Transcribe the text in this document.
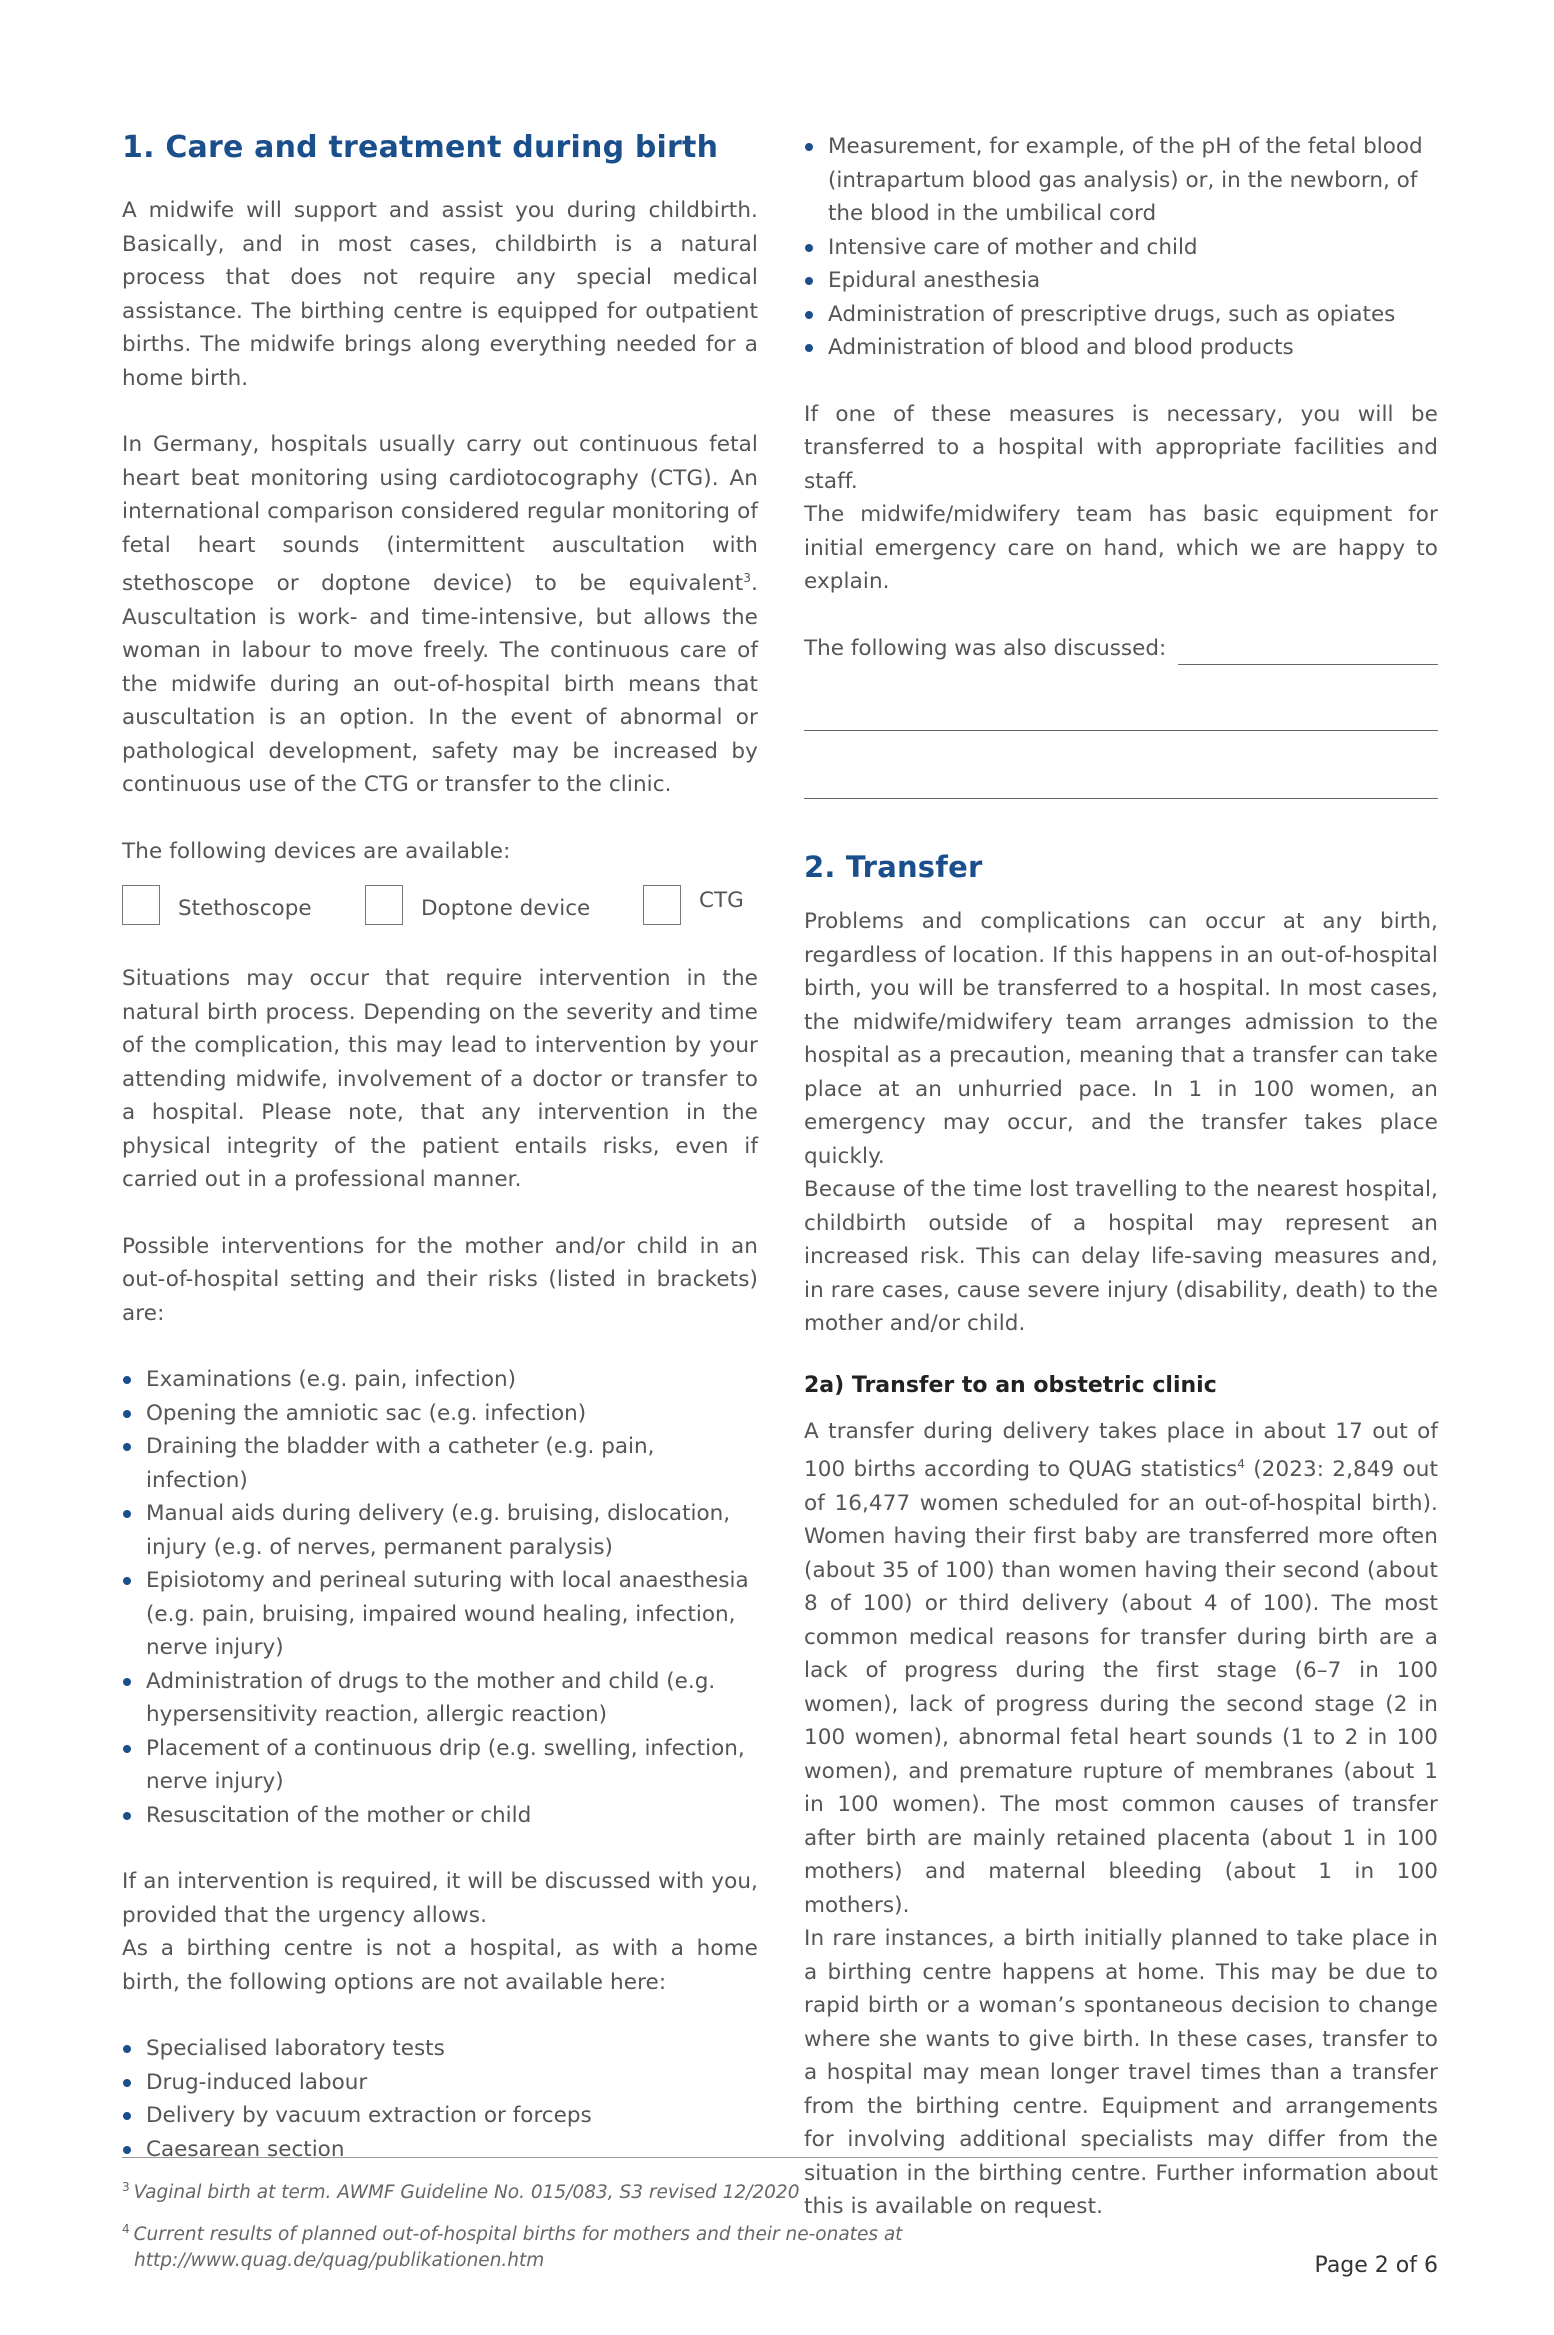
1. Care and treatment during birth

A midwife will support and assist you during childbirth. Basically, and in most cases, childbirth is a natural process that does not require any special medical assistance. The birthing centre is equipped for outpatient births. The midwife brings along everything needed for a home birth.

In Germany, hospitals usually carry out continuous fetal heart beat monitoring using cardiotocography (CTG). An international comparison considered regular monitoring of fetal heart sounds (intermittent auscultation with stethoscope or doptone device) to be equivalent$^3$. Auscultation is work- and time-intensive, but allows the woman in labour to move freely. The continuous care of the midwife during an out-of-hospital birth means that auscultation is an option. In the event of abnormal or pathological development, safety may be increased by continuous use of the CTG or transfer to the clinic.

The following devices are available:

Stethoscope	Doptone device	CTG

Situations may occur that require intervention in the natural birth process. Depending on the severity and time of the complication, this may lead to intervention by your attending midwife, involvement of a doctor or transfer to a hospital. Please note, that any intervention in the physical integrity of the patient entails risks, even if carried out in a professional manner.

Possible interventions for the mother and/or child in an out-of-hospital setting and their risks (listed in brackets) are:

Examinations (e.g. pain, infection)
Opening the amniotic sac (e.g. infection)
Draining the bladder with a catheter (e.g. pain, infection)
Manual aids during delivery (e.g. bruising, dislocation, injury (e.g. of nerves, permanent paralysis)
Episiotomy and perineal suturing with local anaesthesia (e.g. pain, bruising, impaired wound healing, infection, nerve injury)
Administration of drugs to the mother and child (e.g. hypersensitivity reaction, allergic reaction)
Placement of a continuous drip (e.g. swelling, infection, nerve injury)
Resuscitation of the mother or child

If an intervention is required, it will be discussed with you, provided that the urgency allows.

As a birthing centre is not a hospital, as with a home birth, the following options are not available here:

Specialised laboratory tests
Drug-induced labour
Delivery by vacuum extraction or forceps
Caesarean section
Measurement, for example, of the pH of the fetal blood (intrapartum blood gas analysis) or, in the newborn, of the blood in the umbilical cord
Intensive care of mother and child
Epidural anesthesia
Administration of prescriptive drugs, such as opiates
Administration of blood and blood products

If one of these measures is necessary, you will be transferred to a hospital with appropriate facilities and staff.

The midwife/midwifery team has basic equipment for initial emergency care on hand, which we are happy to explain.

The following was also discussed:
2. Transfer

Problems and complications can occur at any birth, regardless of location. If this happens in an out-of-hospital birth, you will be transferred to a hospital. In most cases, the midwife/midwifery team arranges admission to the hospital as a precaution, meaning that a transfer can take place at an unhurried pace. In 1 in 100 women, an emergency may occur, and the transfer takes place quickly.

Because of the time lost travelling to the nearest hospital, childbirth outside of a hospital may represent an increased risk. This can delay life-saving measures and, in rare cases, cause severe injury (disability, death) to the mother and/or child.

2a) Transfer to an obstetric clinic

A transfer during delivery takes place in about 17 out of 100 births according to QUAG statistics$^4$ (2023: 2,849 out of 16,477 women scheduled for an out-of-hospital birth). Women having their first baby are transferred more often (about 35 of 100) than women having their second (about 8 of 100) or third delivery (about 4 of 100). The most common medical reasons for transfer during birth are a lack of progress during the first stage (6–7 in 100 women), lack of progress during the second stage (2 in 100 women), abnormal fetal heart sounds (1 to 2 in 100 women), and premature rupture of membranes (about 1 in 100 women). The most common causes of transfer after birth are mainly retained placenta (about 1 in 100 mothers) and maternal bleeding (about 1 in 100 mothers).

In rare instances, a birth initially planned to take place in a birthing centre happens at home. This may be due to rapid birth or a woman’s spontaneous decision to change where she wants to give birth. In these cases, transfer to a hospital may mean longer travel times than a transfer from the birthing centre. Equipment and arrangements for involving additional specialists may differ from the situation in the birthing centre. Further information about this is available on request.

$^3$ Vaginal birth at term. AWMF Guideline No. 015/083, S3 revised 12/2020
$^4$ Current results of planned out-of-hospital births for mothers and their ne-onates at
http://www.quag.de/quag/publikationen.htm	Page 2 of 6
